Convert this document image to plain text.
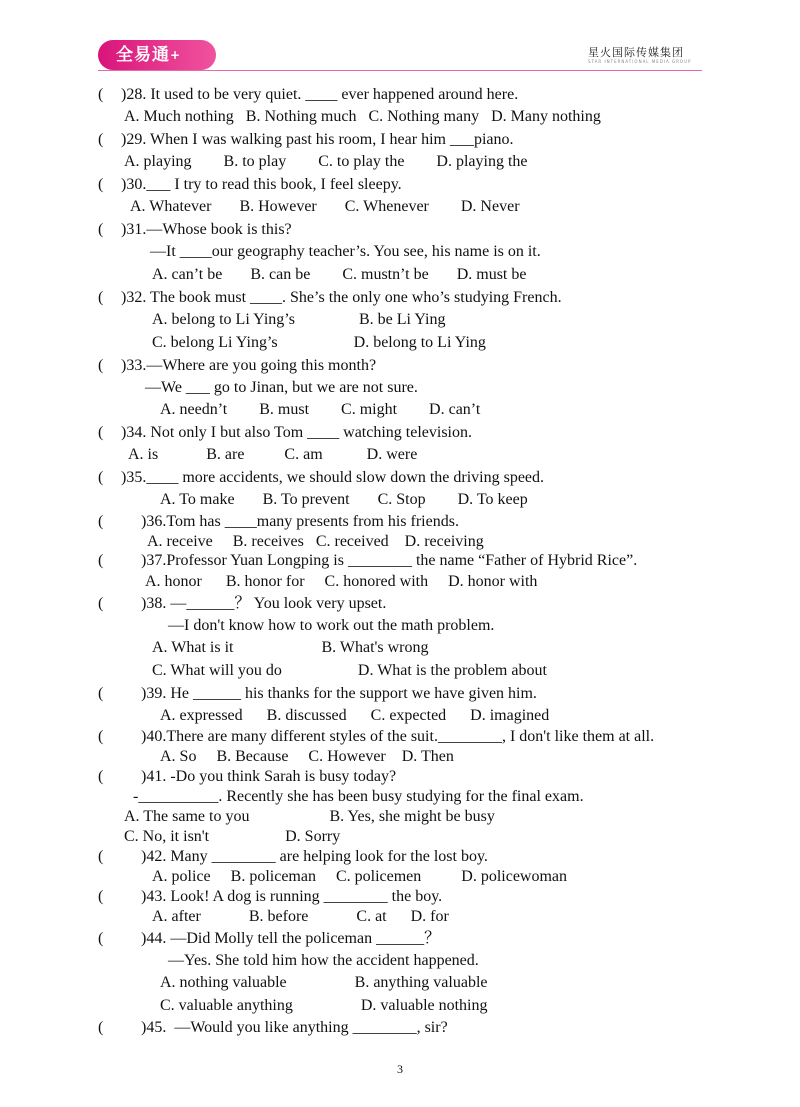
全易通+	星火国际传媒集团
STAR INTERNATIONAL MEDIA GROUP
( )28. It used to be very quiet. ____ ever happened around here.
A. Much nothing   B. Nothing much   C. Nothing many   D. Many nothing
( )29. When I was walking past his room, I hear him ___piano.
A. playing        B. to play        C. to play the        D. playing the
( )30.___ I try to read this book, I feel sleepy.
A. Whatever       B. However       C. Whenever        D. Never
( )31.—Whose book is this?
—It ____our geography teacher’s. You see, his name is on it.
A. can’t be       B. can be        C. mustn’t be       D. must be
( )32. The book must ____. She’s the only one who’s studying French.
A. belong to Li Ying’s                B. be Li Ying
C. belong Li Ying’s                   D. belong to Li Ying
( )33.—Where are you going this month?
—We ___ go to Jinan, but we are not sure.
A. needn’t        B. must        C. might        D. can’t
( )34. Not only I but also Tom ____ watching television.
A. is            B. are          C. am           D. were
( )35.____ more accidents, we should slow down the driving speed.
A. To make       B. To prevent       C. Stop        D. To keep
( )36.Tom has ____many presents from his friends.
A. receive     B. receives   C. received    D. receiving
( )37.Professor Yuan Longping is ________ the name “Father of Hybrid Rice”.
A. honor      B. honor for     C. honored with     D. honor with
( )38. —______？ You look very upset.
—I don't know how to work out the math problem.
A. What is it                      B. What's wrong
C. What will you do                   D. What is the problem about
( )39. He ______ his thanks for the support we have given him.
A. expressed      B. discussed      C. expected      D. imagined
( )40.There are many different styles of the suit.________, I don't like them at all.
A. So     B. Because     C. However    D. Then
( )41. -Do you think Sarah is busy today?
-__________. Recently she has been busy studying for the final exam.
A. The same to you                    B. Yes, she might be busy
C. No, it isn't                   D. Sorry
( )42. Many ________ are helping look for the lost boy.
A. police     B. policeman     C. policemen          D. policewoman
( )43. Look! A dog is running ________ the boy.
A. after            B. before            C. at      D. for
( )44. —Did Molly tell the policeman ______？
—Yes. She told him how the accident happened.
A. nothing valuable                 B. anything valuable
C. valuable anything                 D. valuable nothing
( )45.  —Would you like anything ________, sir?
3
